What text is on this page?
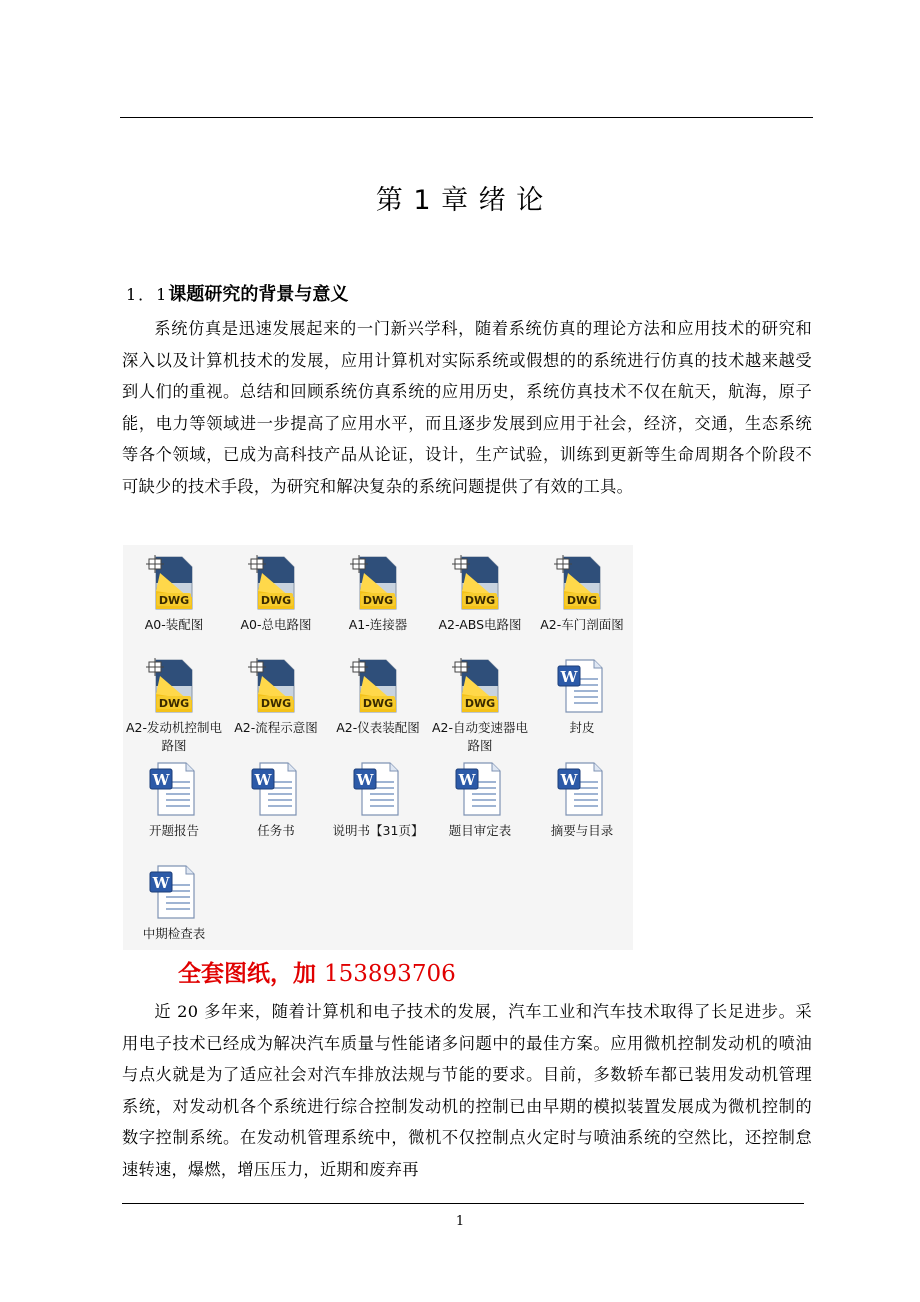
第 1 章 绪 论
1．1课题研究的背景与意义

系统仿真是迅速发展起来的一门新兴学科，随着系统仿真的理论方法和应用技术的研究和深入以及计算机技术的发展，应用计算机对实际系统或假想的的系统进行仿真的技术越来越受到人们的重视。总结和回顾系统仿真系统的应用历史，系统仿真技术不仅在航天，航海，原子能，电力等领域进一步提高了应用水平，而且逐步发展到应用于社会，经济，交通，生态系统等各个领域，已成为高科技产品从论证，设计，生产试验，训练到更新等生命周期各个阶段不可缺少的技术手段，为研究和解决复杂的系统问题提供了有效的工具。

DWG
A0-装配图
DWG
A0-总电路图
DWG
A1-连接器
DWG
A2-ABS电路图
DWG
A2-车门剖面图
DWG
A2-发动机控制电路图
DWG
A2-流程示意图
DWG
A2-仪表装配图
DWG
A2-自动变速器电路图
W
封皮
W
开题报告
W
任务书
W
说明书【31页】
W
题目审定表
W
摘要与目录
W
中期检查表
全套图纸，加 153893706

近 20 多年来，随着计算机和电子技术的发展，汽车工业和汽车技术取得了长足进步。采用电子技术已经成为解决汽车质量与性能诸多问题中的最佳方案。应用微机控制发动机的喷油与点火就是为了适应社会对汽车排放法规与节能的要求。目前，多数轿车都已装用发动机管理系统，对发动机各个系统进行综合控制发动机的控制已由早期的模拟装置发展成为微机控制的数字控制系统。在发动机管理系统中，微机不仅控制点火定时与喷油系统的空然比，还控制怠速转速，爆燃，增压压力，近期和废弃再

1
